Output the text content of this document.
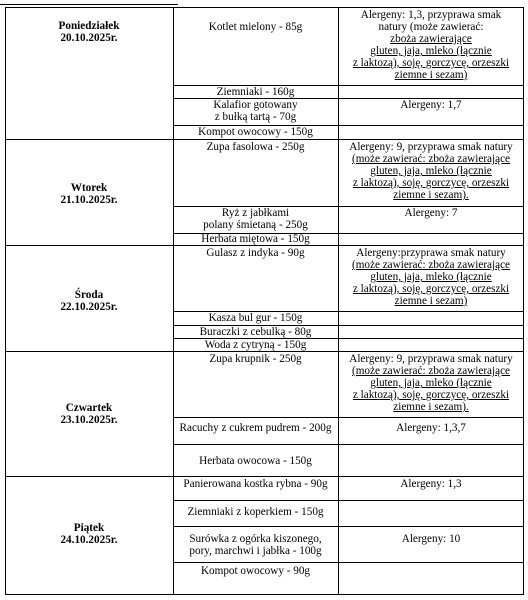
Poniedziałek
20.10.2025r.
Wtorek
21.10.2025r.
Środa
22.10.2025r.
Czwartek
23.10.2025r.
Piątek
24.10.2025r.
Kotlet mielony - 85g
Ziemniaki - 160g
Kalafior gotowany
z bułką tartą - 70g
Kompot owocowy - 150g
Alergeny: 1,3, przyprawa smak
natury (może zawierać:
zboża zawierające
gluten, jaja, mleko (łącznie
z laktozą), soję, gorczycę, orzeszki
ziemne i sezam)
Alergeny: 1,7
Zupa fasolowa - 250g
Ryż z jabłkami
polany śmietaną - 250g
Herbata miętowa - 150g
Alergeny: 9, przyprawa smak natury
(może zawierać: zboża zawierające
gluten, jaja, mleko (łącznie
z laktozą), soję, gorczycę, orzeszki
ziemne i sezam).
Alergeny: 7
Gulasz z indyka - 90g
Kasza bul gur - 150g
Buraczki z cebulką - 80g
Woda z cytryną - 150g
Alergeny:przyprawa smak natury
(może zawierać: zboża zawierające
gluten, jaja, mleko (łącznie
z laktozą), soję, gorczycę, orzeszki
ziemne i sezam)
Zupa krupnik - 250g
Racuchy z cukrem pudrem - 200g
Herbata owocowa - 150g
Alergeny: 9, przyprawa smak natury
(może zawierać: zboża zawierające
gluten, jaja, mleko (łącznie
z laktozą), soję, gorczycę, orzeszki
ziemne i sezam).
Alergeny: 1,3,7
Panierowana kostka rybna - 90g
Ziemniaki z koperkiem - 150g
Surówka z ogórka kiszonego,
pory, marchwi i jabłka - 100g
Kompot owocowy - 90g
Alergeny: 1,3
Alergeny: 10
